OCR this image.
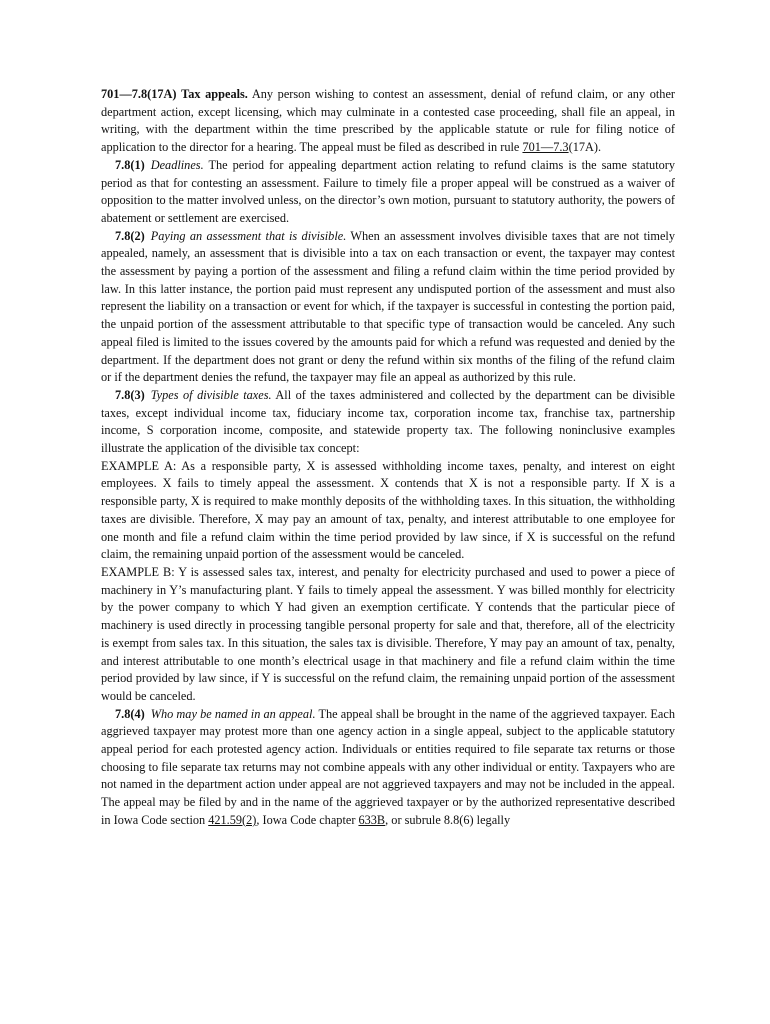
701—7.8(17A) Tax appeals. Any person wishing to contest an assessment, denial of refund claim, or any other department action, except licensing, which may culminate in a contested case proceeding, shall file an appeal, in writing, with the department within the time prescribed by the applicable statute or rule for filing notice of application to the director for a hearing. The appeal must be filed as described in rule 701—7.3(17A).

7.8(1) Deadlines. The period for appealing department action relating to refund claims is the same statutory period as that for contesting an assessment. Failure to timely file a proper appeal will be construed as a waiver of opposition to the matter involved unless, on the director’s own motion, pursuant to statutory authority, the powers of abatement or settlement are exercised.

7.8(2) Paying an assessment that is divisible. When an assessment involves divisible taxes that are not timely appealed, namely, an assessment that is divisible into a tax on each transaction or event, the taxpayer may contest the assessment by paying a portion of the assessment and filing a refund claim within the time period provided by law. In this latter instance, the portion paid must represent any undisputed portion of the assessment and must also represent the liability on a transaction or event for which, if the taxpayer is successful in contesting the portion paid, the unpaid portion of the assessment attributable to that specific type of transaction would be canceled. Any such appeal filed is limited to the issues covered by the amounts paid for which a refund was requested and denied by the department. If the department does not grant or deny the refund within six months of the filing of the refund claim or if the department denies the refund, the taxpayer may file an appeal as authorized by this rule.

7.8(3) Types of divisible taxes. All of the taxes administered and collected by the department can be divisible taxes, except individual income tax, fiduciary income tax, corporation income tax, franchise tax, partnership income, S corporation income, composite, and statewide property tax. The following noninclusive examples illustrate the application of the divisible tax concept:

EXAMPLE A: As a responsible party, X is assessed withholding income taxes, penalty, and interest on eight employees. X fails to timely appeal the assessment. X contends that X is not a responsible party. If X is a responsible party, X is required to make monthly deposits of the withholding taxes. In this situation, the withholding taxes are divisible. Therefore, X may pay an amount of tax, penalty, and interest attributable to one employee for one month and file a refund claim within the time period provided by law since, if X is successful on the refund claim, the remaining unpaid portion of the assessment would be canceled.

EXAMPLE B: Y is assessed sales tax, interest, and penalty for electricity purchased and used to power a piece of machinery in Y’s manufacturing plant. Y fails to timely appeal the assessment. Y was billed monthly for electricity by the power company to which Y had given an exemption certificate. Y contends that the particular piece of machinery is used directly in processing tangible personal property for sale and that, therefore, all of the electricity is exempt from sales tax. In this situation, the sales tax is divisible. Therefore, Y may pay an amount of tax, penalty, and interest attributable to one month’s electrical usage in that machinery and file a refund claim within the time period provided by law since, if Y is successful on the refund claim, the remaining unpaid portion of the assessment would be canceled.

7.8(4) Who may be named in an appeal. The appeal shall be brought in the name of the aggrieved taxpayer. Each aggrieved taxpayer may protest more than one agency action in a single appeal, subject to the applicable statutory appeal period for each protested agency action. Individuals or entities required to file separate tax returns or those choosing to file separate tax returns may not combine appeals with any other individual or entity. Taxpayers who are not named in the department action under appeal are not aggrieved taxpayers and may not be included in the appeal. The appeal may be filed by and in the name of the aggrieved taxpayer or by the authorized representative described in Iowa Code section 421.59(2), Iowa Code chapter 633B, or subrule 8.8(6) legally
